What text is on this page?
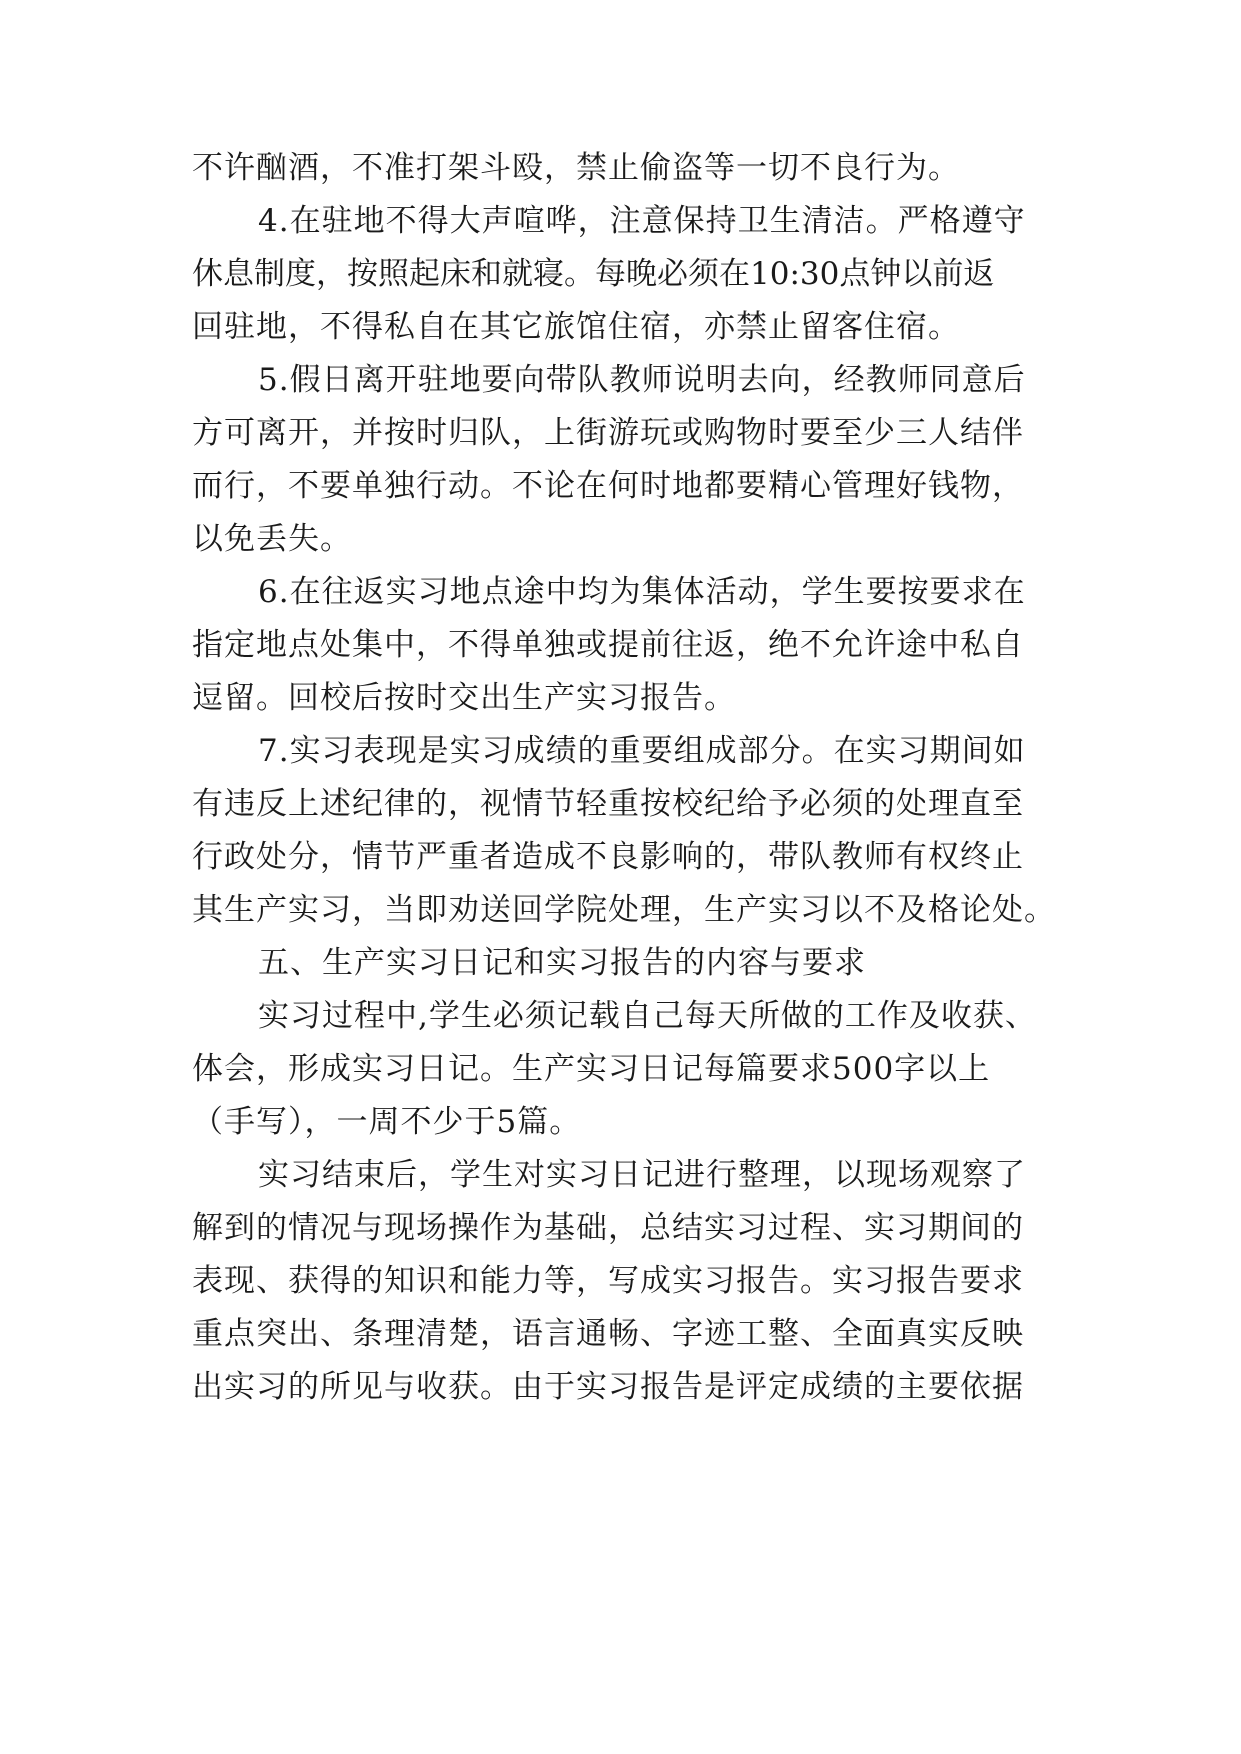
不许酗酒，不准打架斗殴，禁止偷盗等一切不良行为。
4.在驻地不得大声喧哗，注意保持卫生清洁。严格遵守
休息制度，按照起床和就寝。每晚必须在10:30点钟以前返
回驻地，不得私自在其它旅馆住宿，亦禁止留客住宿。
5.假日离开驻地要向带队教师说明去向，经教师同意后
方可离开，并按时归队，上街游玩或购物时要至少三人结伴
而行，不要单独行动。不论在何时地都要精心管理好钱物，
以免丢失。
6.在往返实习地点途中均为集体活动，学生要按要求在
指定地点处集中，不得单独或提前往返，绝不允许途中私自
逗留。回校后按时交出生产实习报告。
7.实习表现是实习成绩的重要组成部分。在实习期间如
有违反上述纪律的，视情节轻重按校纪给予必须的处理直至
行政处分，情节严重者造成不良影响的，带队教师有权终止
其生产实习，当即劝送回学院处理，生产实习以不及格论处。
五、生产实习日记和实习报告的内容与要求
实习过程中,学生必须记载自己每天所做的工作及收获、
体会，形成实习日记。生产实习日记每篇要求500字以上
（手写），一周不少于5篇。
实习结束后，学生对实习日记进行整理，以现场观察了
解到的情况与现场操作为基础，总结实习过程、实习期间的
表现、获得的知识和能力等，写成实习报告。实习报告要求
重点突出、条理清楚，语言通畅、字迹工整、全面真实反映
出实习的所见与收获。由于实习报告是评定成绩的主要依据
